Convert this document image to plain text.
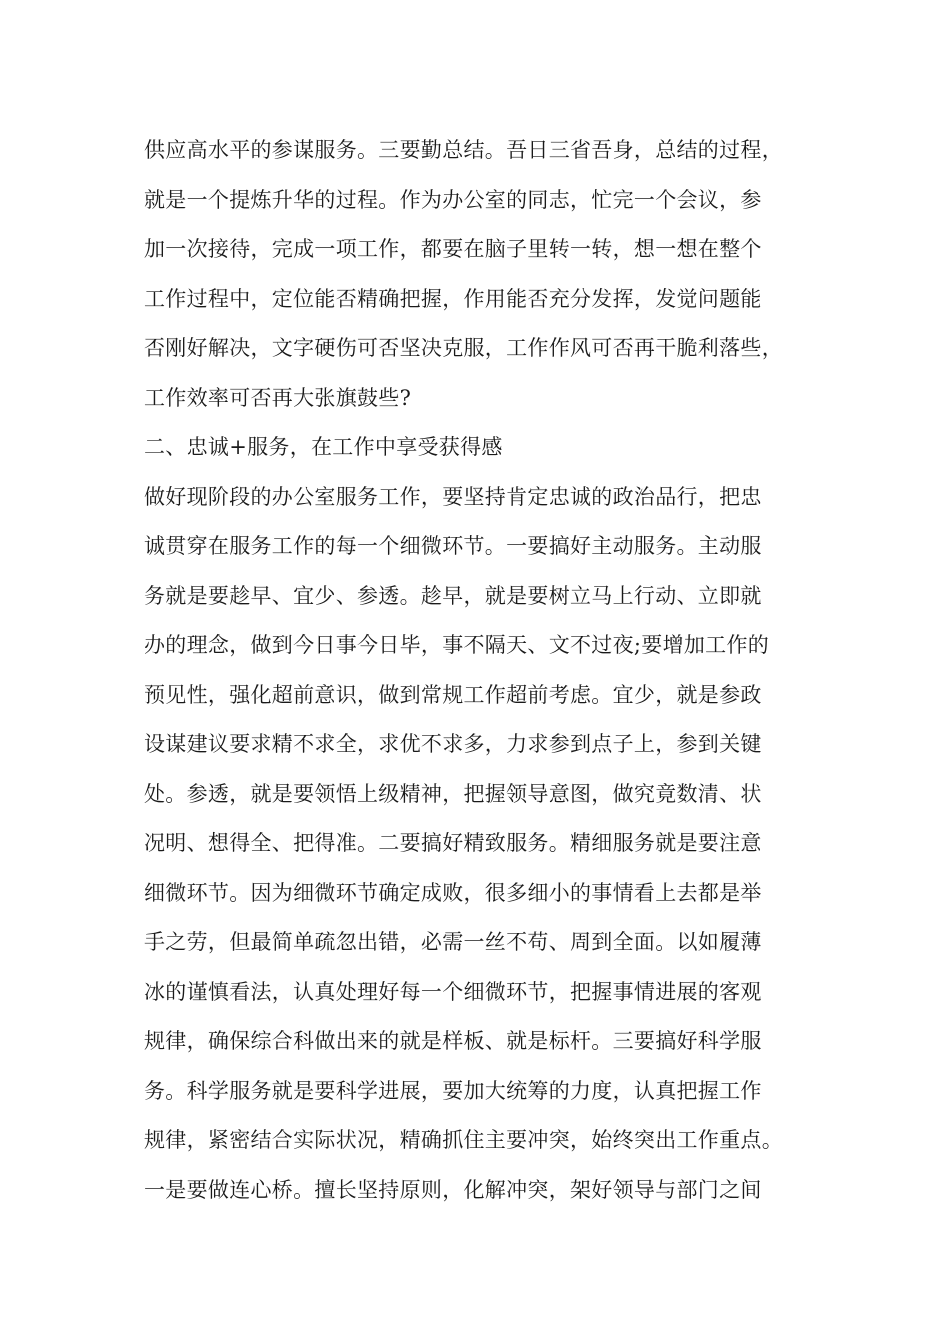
供应高水平的参谋服务。三要勤总结。吾日三省吾身，总结的过程，
就是一个提炼升华的过程。作为办公室的同志，忙完一个会议，参
加一次接待，完成一项工作，都要在脑子里转一转，想一想在整个
工作过程中，定位能否精确把握，作用能否充分发挥，发觉问题能
否刚好解决，文字硬伤可否坚决克服，工作作风可否再干脆利落些，
工作效率可否再大张旗鼓些?
二、忠诚+服务，在工作中享受获得感
做好现阶段的办公室服务工作，要坚持肯定忠诚的政治品行，把忠
诚贯穿在服务工作的每一个细微环节。一要搞好主动服务。主动服
务就是要趁早、宜少、参透。趁早，就是要树立马上行动、立即就
办的理念，做到今日事今日毕，事不隔天、文不过夜;要增加工作的
预见性，强化超前意识，做到常规工作超前考虑。宜少，就是参政
设谋建议要求精不求全，求优不求多，力求参到点子上，参到关键
处。参透，就是要领悟上级精神，把握领导意图，做究竟数清、状
况明、想得全、把得准。二要搞好精致服务。精细服务就是要注意
细微环节。因为细微环节确定成败，很多细小的事情看上去都是举
手之劳，但最简单疏忽出错，必需一丝不苟、周到全面。以如履薄
冰的谨慎看法，认真处理好每一个细微环节，把握事情进展的客观
规律，确保综合科做出来的就是样板、就是标杆。三要搞好科学服
务。科学服务就是要科学进展，要加大统筹的力度，认真把握工作
规律，紧密结合实际状况，精确抓住主要冲突，始终突出工作重点。
一是要做连心桥。擅长坚持原则，化解冲突，架好领导与部门之间
